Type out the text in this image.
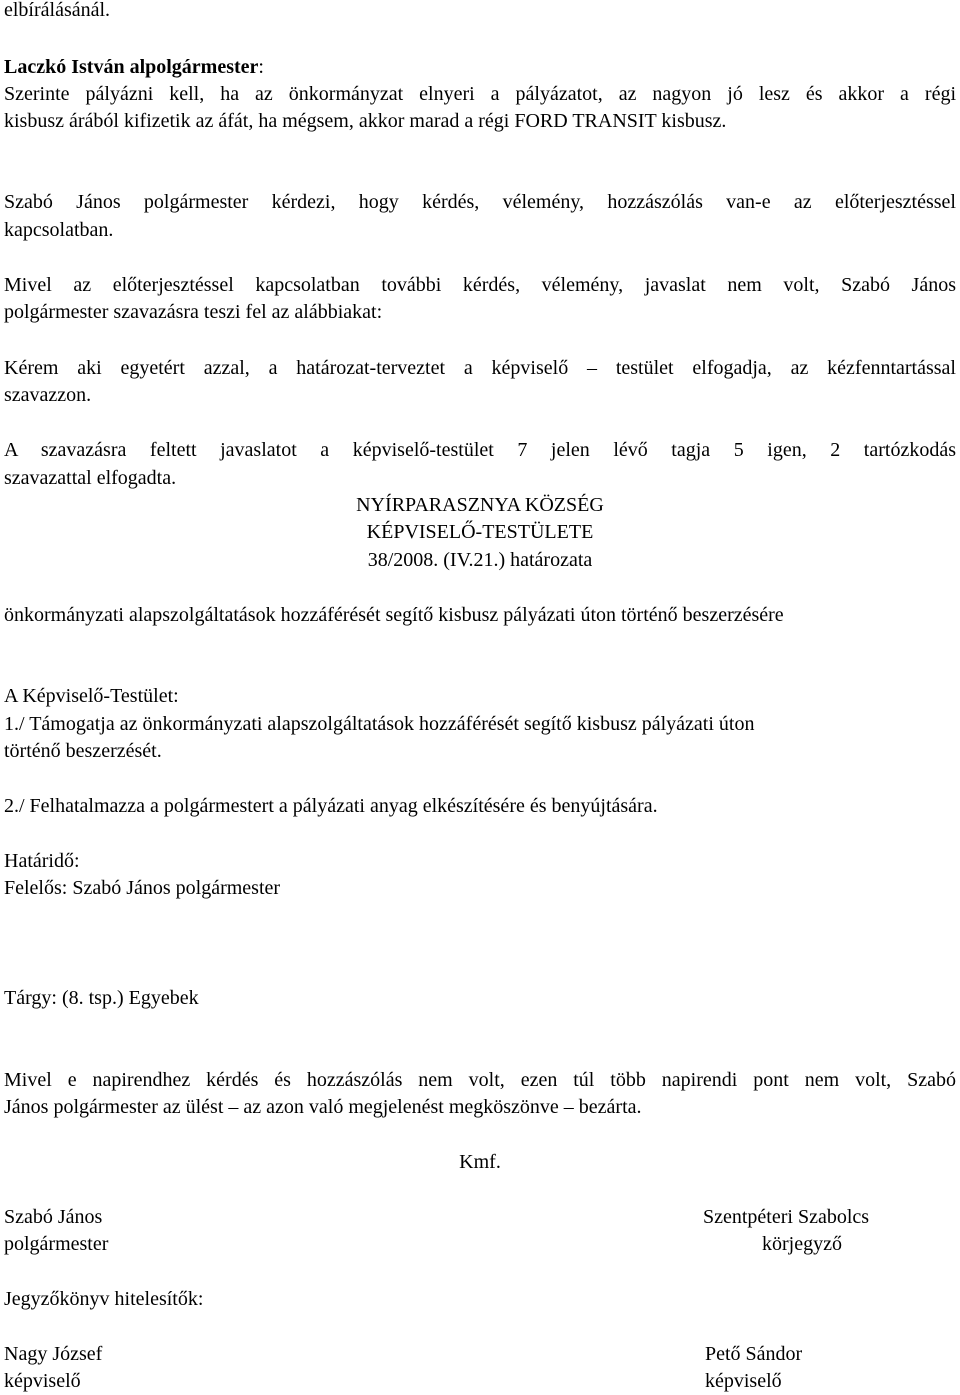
elbírálásánál.
Laczkó István alpolgármester:
Szerinte pályázni kell, ha az önkormányzat elnyeri a pályázatot, az nagyon jó lesz és akkor a régi
kisbusz árából kifizetik az áfát, ha mégsem, akkor marad a régi FORD TRANSIT kisbusz.
Szabó János polgármester kérdezi, hogy kérdés, vélemény, hozzászólás van-e az előterjesztéssel
kapcsolatban.
Mivel az előterjesztéssel kapcsolatban további kérdés, vélemény, javaslat nem volt, Szabó János
polgármester szavazásra teszi fel az alábbiakat:
Kérem aki egyetért azzal, a határozat-terveztet a képviselő – testület elfogadja, az kézfenntartással
szavazzon.
A szavazásra feltett javaslatot a képviselő-testület 7 jelen lévő tagja 5 igen, 2 tartózkodás
szavazattal elfogadta.
NYÍRPARASZNYA KÖZSÉG
KÉPVISELŐ-TESTÜLETE
38/2008. (IV.21.) határozata
önkormányzati alapszolgáltatások hozzáférését segítő kisbusz pályázati úton történő beszerzésére
A Képviselő-Testület:
1./ Támogatja az önkormányzati alapszolgáltatások hozzáférését segítő kisbusz pályázati úton
történő beszerzését.
2./ Felhatalmazza a polgármestert a pályázati anyag elkészítésére és benyújtására.
Határidő:
Felelős: Szabó János polgármester
Tárgy: (8. tsp.) Egyebek
Mivel e napirendhez kérdés és hozzászólás nem volt, ezen túl több napirendi pont nem volt, Szabó
János polgármester az ülést – az azon való megjelenést megköszönve – bezárta.
Kmf.
Szabó János
polgármester
Szentpéteri Szabolcs
körjegyző
Jegyzőkönyv hitelesítők:
Nagy József
képviselő
Pető Sándor
képviselő
